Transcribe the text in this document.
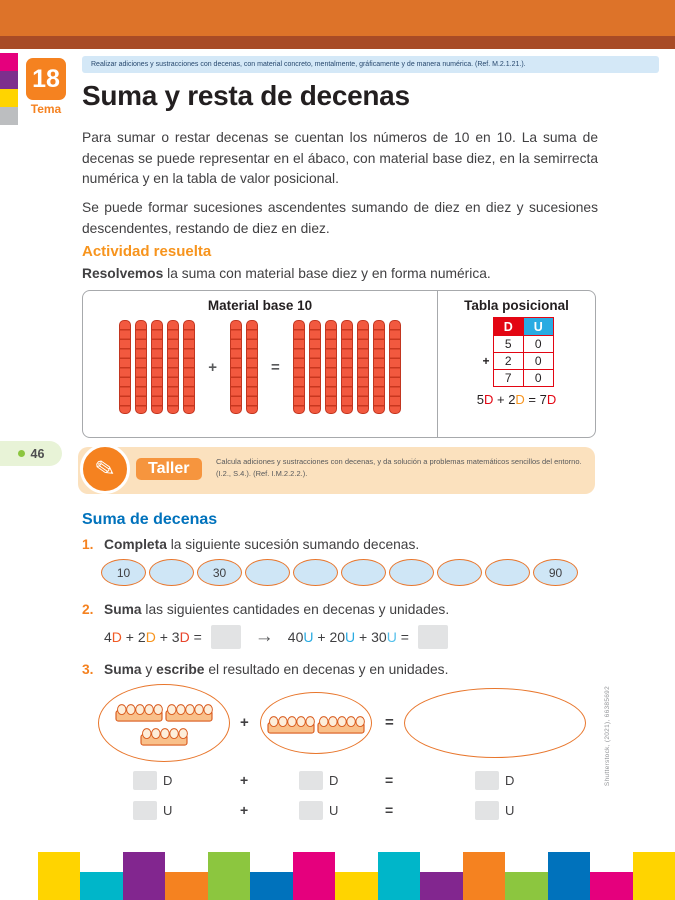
18
Tema
Realizar adiciones y sustracciones con decenas, con material concreto, mentalmente, gráficamente y de manera numérica. (Ref. M.2.1.21.).
Suma y resta de decenas

Para sumar o restar decenas se cuentan los números de 10 en 10. La suma de decenas se puede representar en el ábaco, con material base diez, en la semirrecta numérica y en la tabla de valor posicional.

Se puede formar sucesiones ascendentes sumando de diez en diez y sucesiones descendentes, restando de diez en diez.

Actividad resuelta
Resolvemos la suma con material base diez y en forma numérica.
Material base 10
+	=
Tabla posicional
	D	U
	5	0
+	2	0
	7	0
5D + 2D = 7D
46
✎	Taller	Calcula adiciones y sustracciones con decenas, y da solución a problemas matemáticos sencillos del entorno. (I.2., S.4.). (Ref. I.M.2.2.2.).
Suma de decenas
1. Completa la siguiente sucesión sumando decenas.
10	30	90
2. Suma las siguientes cantidades en decenas y unidades.
4D + 2D + 3D =	→ 40U + 20U + 30U =
3. Suma y escribe el resultado en decenas y en unidades.
+	=
D	+	D	=	D
U	+	U	=	U
Shutterstock, (2021), 66385692
